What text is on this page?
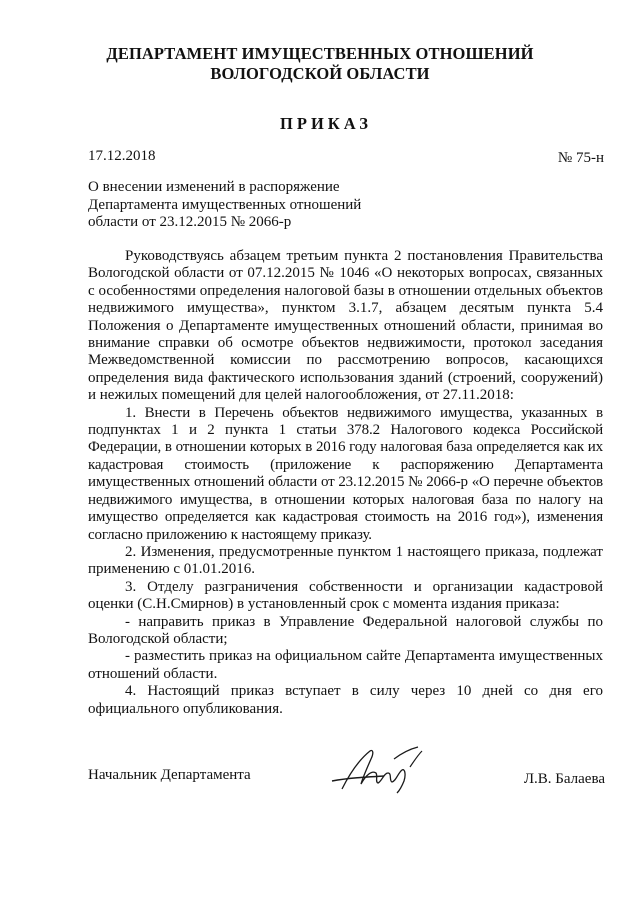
ДЕПАРТАМЕНТ ИМУЩЕСТВЕННЫХ ОТНОШЕНИЙ
ВОЛОГОДСКОЙ ОБЛАСТИ
ПРИКАЗ
17.12.2018	№ 75-н
О внесении изменений в распоряжение
Департамента имущественных отношений
области от 23.12.2015 № 2066-р

Руководствуясь абзацем третьим пункта 2 постановления Правительства Вологодской области от 07.12.2015 № 1046 «О некоторых вопросах, связанных с особенностями определения налоговой базы в отношении отдельных объектов недвижимого имущества», пунктом 3.1.7, абзацем десятым пункта 5.4 Положения о Департаменте имущественных отношений области, принимая во внимание справки об осмотре объектов недвижимости, протокол заседания Межведомственной комиссии по рассмотрению вопросов, касающихся определения вида фактического использования зданий (строений, сооружений) и нежилых помещений для целей налогообложения, от 27.11.2018:

1. Внести в Перечень объектов недвижимого имущества, указанных в подпунктах 1 и 2 пункта 1 статьи 378.2 Налогового кодекса Российской Федерации, в отношении которых в 2016 году налоговая база определяется как их кадастровая стоимость (приложение к распоряжению Департамента имущественных отношений области от 23.12.2015 № 2066-р «О перечне объектов недвижимого имущества, в отношении которых налоговая база по налогу на имущество определяется как кадастровая стоимость на 2016 год»), изменения согласно приложению к настоящему приказу.

2. Изменения, предусмотренные пунктом 1 настоящего приказа, подлежат применению с 01.01.2016.

3. Отделу разграничения собственности и организации кадастровой оценки (С.Н.Смирнов) в установленный срок с момента издания приказа:

- направить приказ в Управление Федеральной налоговой службы по Вологодской области;

- разместить приказ на официальном сайте Департамента имущественных отношений области.

4. Настоящий приказ вступает в силу через 10 дней со дня его официального опубликования.

Начальник Департамента	Л.В. Балаева
